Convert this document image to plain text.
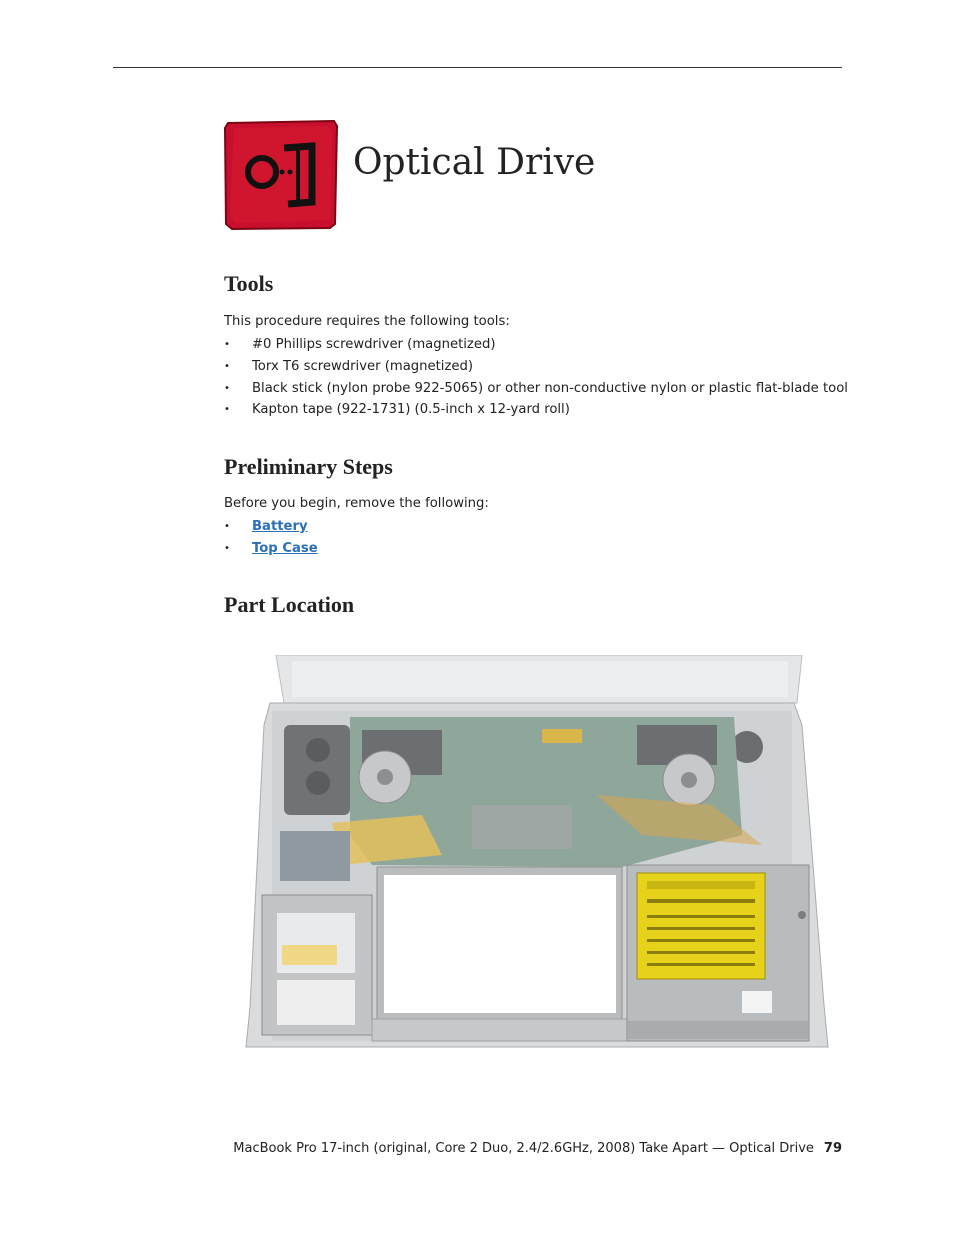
Optical Drive
Tools

This procedure requires the following tools:

• #0 Phillips screwdriver (magnetized)
• Torx T6 screwdriver (magnetized)
• Black stick (nylon probe 922-5065) or other non-conductive nylon or plastic flat-blade tool
• Kapton tape (922-1731) (0.5-inch x 12-yard roll)
Preliminary Steps

Before you begin, remove the following:

• Battery
• Top Case
Part Location
MacBook Pro 17-inch (original, Core 2 Duo, 2.4/2.6GHz, 2008) Take Apart — Optical Drive 79
